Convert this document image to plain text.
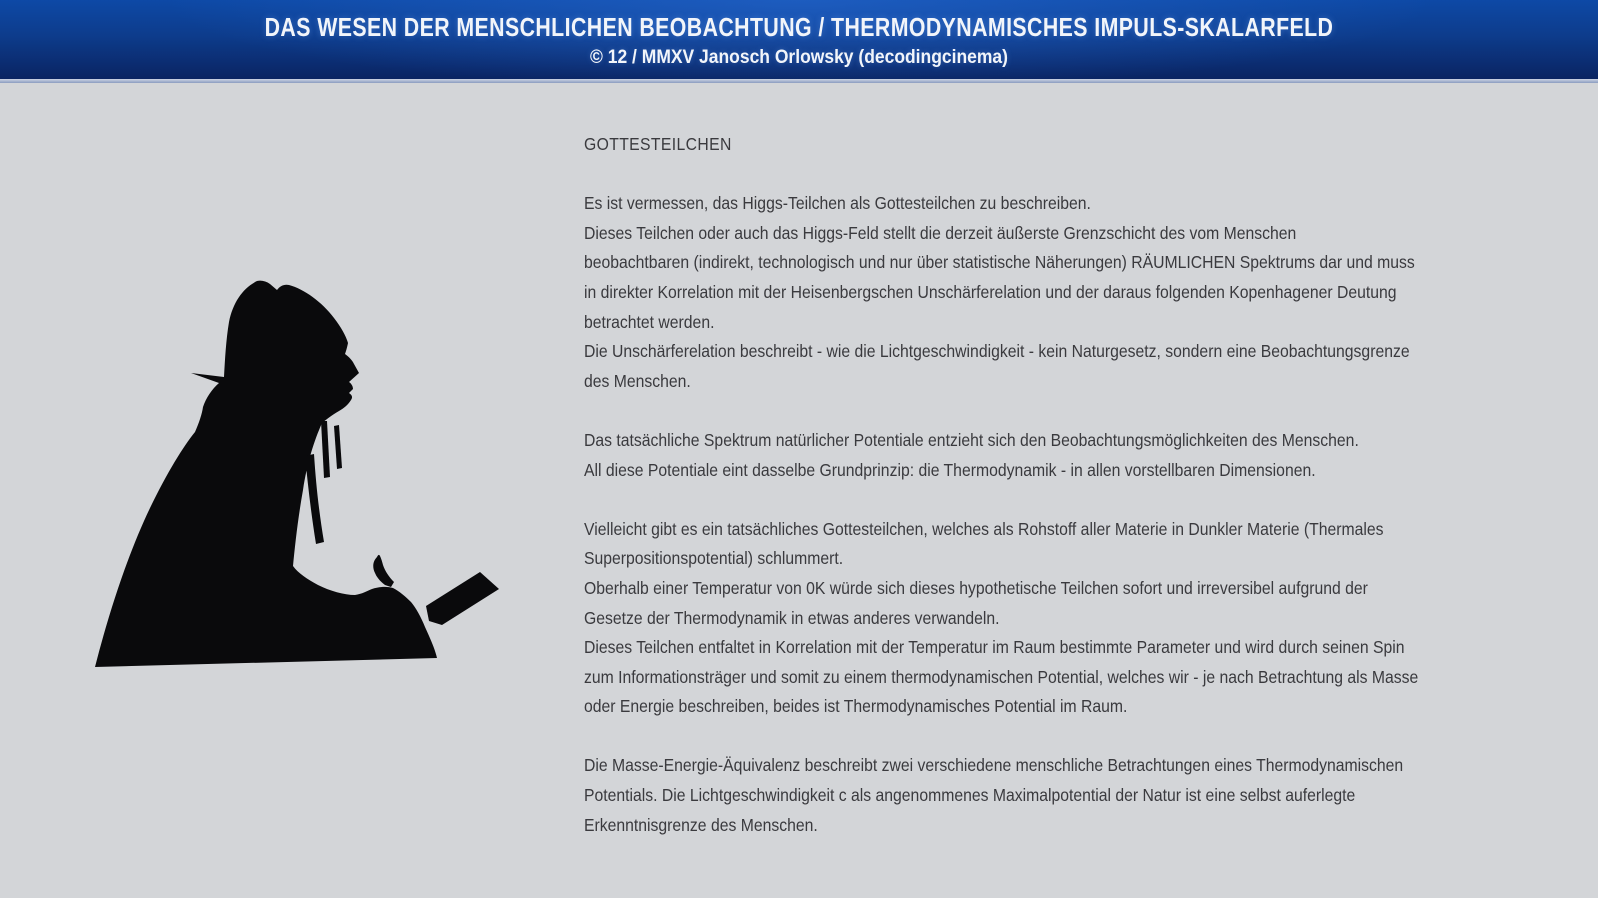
DAS WESEN DER MENSCHLICHEN BEOBACHTUNG / THERMODYNAMISCHES IMPULS-SKALARFELD
© 12 / MMXV Janosch Orlowsky (decodingcinema)
GOTTESTEILCHEN
Es ist vermessen, das Higgs-Teilchen als Gottesteilchen zu beschreiben.
Dieses Teilchen oder auch das Higgs-Feld stellt die derzeit äußerste Grenzschicht des vom Menschen
beobachtbaren (indirekt, technologisch und nur über statistische Näherungen) RÄUMLICHEN Spektrums dar und muss
in direkter Korrelation mit der Heisenbergschen Unschärferelation und der daraus folgenden Kopenhagener Deutung
betrachtet werden.
Die Unschärferelation beschreibt - wie die Lichtgeschwindigkeit - kein Naturgesetz, sondern eine Beobachtungsgrenze
des Menschen.
Das tatsächliche Spektrum natürlicher Potentiale entzieht sich den Beobachtungsmöglichkeiten des Menschen.
All diese Potentiale eint dasselbe Grundprinzip: die Thermodynamik - in allen vorstellbaren Dimensionen.
Vielleicht gibt es ein tatsächliches Gottesteilchen, welches als Rohstoff aller Materie in Dunkler Materie (Thermales
Superpositionspotential) schlummert.
Oberhalb einer Temperatur von 0K würde sich dieses hypothetische Teilchen sofort und irreversibel aufgrund der
Gesetze der Thermodynamik in etwas anderes verwandeln.
Dieses Teilchen entfaltet in Korrelation mit der Temperatur im Raum bestimmte Parameter und wird durch seinen Spin
zum Informationsträger und somit zu einem thermodynamischen Potential, welches wir - je nach Betrachtung als Masse
oder Energie beschreiben, beides ist Thermodynamisches Potential im Raum.
Die Masse-Energie-Äquivalenz beschreibt zwei verschiedene menschliche Betrachtungen eines Thermodynamischen
Potentials. Die Lichtgeschwindigkeit c als angenommenes Maximalpotential der Natur ist eine selbst auferlegte
Erkenntnisgrenze des Menschen.
